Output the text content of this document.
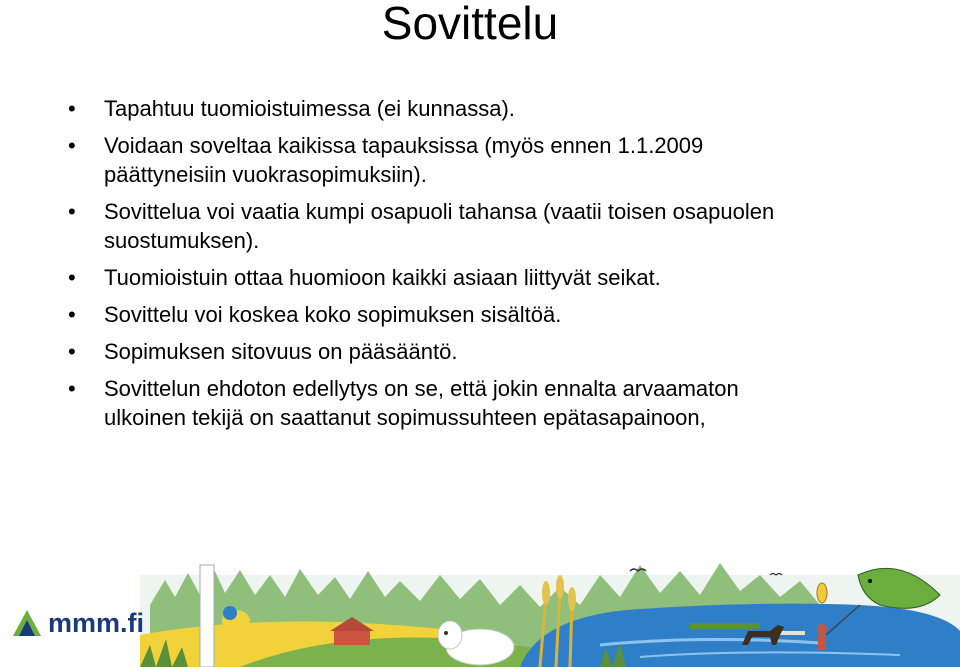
Sovittelu
• Tapahtuu tuomioistuimessa (ei kunnassa).
• Voidaan soveltaa kaikissa tapauksissa (myös ennen 1.1.2009
päättyneisiin vuokrasopimuksiin).
• Sovittelua voi vaatia kumpi osapuoli tahansa (vaatii toisen osapuolen
suostumuksen).
• Tuomioistuin ottaa huomioon kaikki asiaan liittyvät seikat.
• Sovittelu voi koskea koko sopimuksen sisältöä.
• Sopimuksen sitovuus on pääsääntö.
• Sovittelun ehdoton edellytys on se, että jokin ennalta arvaamaton
ulkoinen tekijä on saattanut sopimussuhteen epätasapainoon,
mmm.fi
